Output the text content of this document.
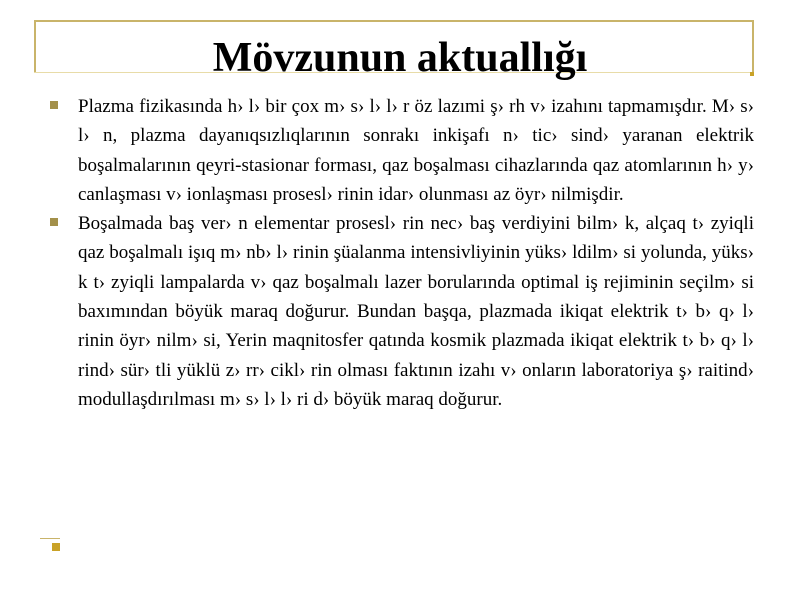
Mövzunun aktuallığı
Plazma fizikasında h› l› bir çox m› s› l› l› r öz lazımi ş› rh v› izahını tapmamışdır. M› s› l› n, plazma dayanıqsızlıqlarının sonrakı inkişafı n› tic› sind› yaranan elektrik boşalmalarının qeyri-stasionar forması, qaz boşalması cihazlarında qaz atomlarının h› y› canlaşması v› ionlaşması prosesl› rinin idar› olunması az öyr› nilmişdir.
Boşalmada baş ver› n elementar prosesl› rin nec› baş verdiyini bilm› k, alçaq t› zyiqli qaz boşalmalı işıq m› nb› l› rinin şüalanma intensivliyinin yüks› ldilm› si yolunda, yüks› k t› zyiqli lampalarda v› qaz boşalmalı lazer borularında optimal iş rejiminin seçilm› si baxımından böyük maraq doğurur. Bundan başqa, plazmada ikiqat elektrik t› b› q› l› rinin öyr› nilm› si, Yerin maqnitosfer qatında kosmik plazmada ikiqat elektrik t› b› q› l› rind› sür› tli yüklü z› rr› cikl› rin olması faktının izahı v› onların laboratoriya ş› raitind› modullaşdırılması m› s› l› l› ri d› böyük maraq doğurur.
